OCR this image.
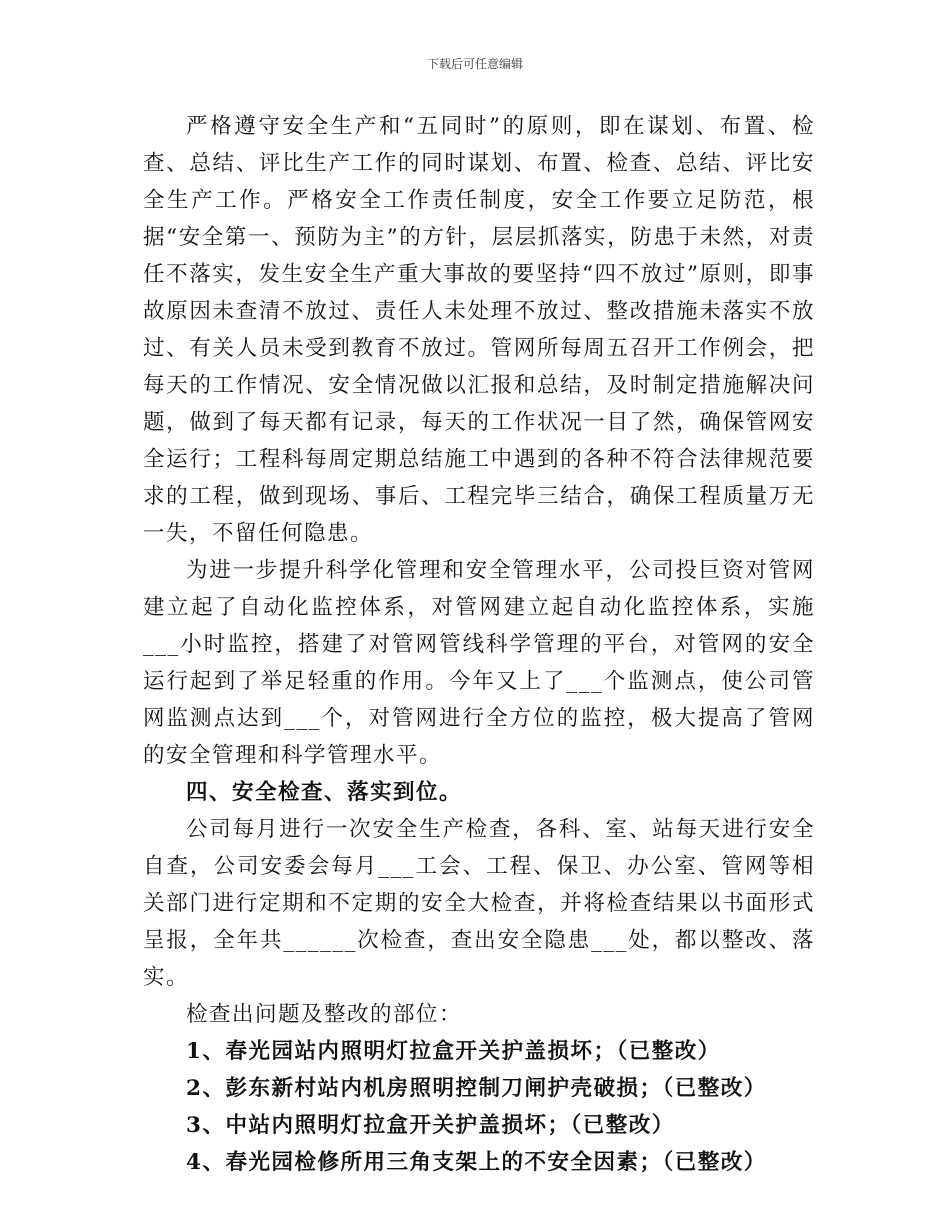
下载后可任意编辑

严格遵守安全生产和“五同时”的原则，即在谋划、布置、检查、总结、评比生产工作的同时谋划、布置、检查、总结、评比安全生产工作。严格安全工作责任制度，安全工作要立足防范，根据“安全第一、预防为主”的方针，层层抓落实，防患于未然，对责任不落实，发生安全生产重大事故的要坚持“四不放过”原则，即事故原因未查清不放过、责任人未处理不放过、整改措施未落实不放过、有关人员未受到教育不放过。管网所每周五召开工作例会，把每天的工作情况、安全情况做以汇报和总结，及时制定措施解决问题，做到了每天都有记录，每天的工作状况一目了然，确保管网安全运行；工程科每周定期总结施工中遇到的各种不符合法律规范要求的工程，做到现场、事后、工程完毕三结合，确保工程质量万无一失，不留任何隐患。

为进一步提升科学化管理和安全管理水平，公司投巨资对管网建立起了自动化监控体系，对管网建立起自动化监控体系，实施___小时监控，搭建了对管网管线科学管理的平台，对管网的安全运行起到了举足轻重的作用。今年又上了___个监测点，使公司管网监测点达到___个，对管网进行全方位的监控，极大提高了管网的安全管理和科学管理水平。

四、安全检查、落实到位。

公司每月进行一次安全生产检查，各科、室、站每天进行安全自查，公司安委会每月___工会、工程、保卫、办公室、管网等相关部门进行定期和不定期的安全大检查，并将检查结果以书面形式呈报，全年共______次检查，查出安全隐患___处，都以整改、落实。

检查出问题及整改的部位：

1、春光园站内照明灯拉盒开关护盖损坏；（已整改）

2、彭东新村站内机房照明控制刀闸护壳破损；（已整改）

3、中站内照明灯拉盒开关护盖损坏；（已整改）

4、春光园检修所用三角支架上的不安全因素；（已整改）
